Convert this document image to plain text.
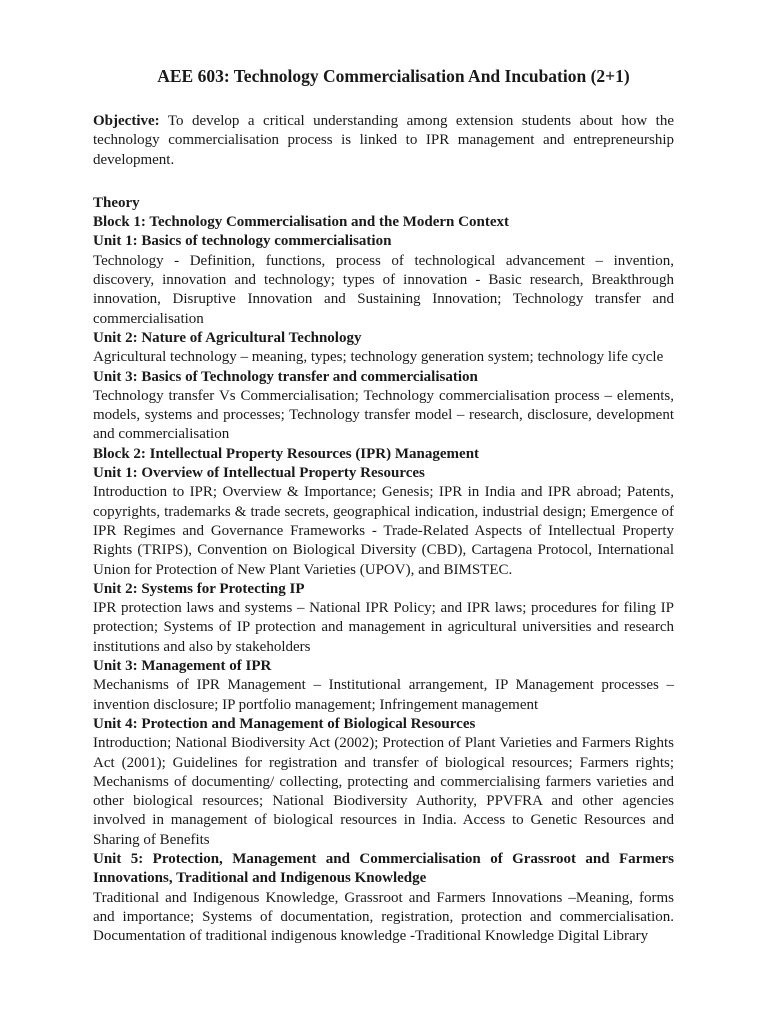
AEE 603: Technology Commercialisation And Incubation (2+1)
Objective: To develop a critical understanding among extension students about how the technology commercialisation process is linked to IPR management and entrepreneurship development.
Theory
Block 1: Technology Commercialisation and the Modern Context
Unit 1: Basics of technology commercialisation
Technology - Definition, functions, process of technological advancement – invention, discovery, innovation and technology; types of innovation - Basic research, Breakthrough innovation, Disruptive Innovation and Sustaining Innovation; Technology transfer and commercialisation
Unit 2: Nature of Agricultural Technology
Agricultural technology – meaning, types; technology generation system; technology life cycle
Unit 3: Basics of Technology transfer and commercialisation
Technology transfer Vs Commercialisation; Technology commercialisation process – elements, models, systems and processes; Technology transfer model – research, disclosure, development and commercialisation
Block 2: Intellectual Property Resources (IPR) Management
Unit 1: Overview of Intellectual Property Resources
Introduction to IPR; Overview & Importance; Genesis; IPR in India and IPR abroad; Patents, copyrights, trademarks & trade secrets, geographical indication, industrial design; Emergence of IPR Regimes and Governance Frameworks - Trade-Related Aspects of Intellectual Property Rights (TRIPS), Convention on Biological Diversity (CBD), Cartagena Protocol, International Union for Protection of New Plant Varieties (UPOV), and BIMSTEC.
Unit 2: Systems for Protecting IP
IPR protection laws and systems – National IPR Policy; and IPR laws; procedures for filing IP protection; Systems of IP protection and management in agricultural universities and research institutions and also by stakeholders
Unit 3: Management of IPR
Mechanisms of IPR Management – Institutional arrangement, IP Management processes – invention disclosure; IP portfolio management; Infringement management
Unit 4: Protection and Management of Biological Resources
Introduction; National Biodiversity Act (2002); Protection of Plant Varieties and Farmers Rights Act (2001); Guidelines for registration and transfer of biological resources; Farmers rights; Mechanisms of documenting/ collecting, protecting and commercialising farmers varieties and other biological resources; National Biodiversity Authority, PPVFRA and other agencies involved in management of biological resources in India. Access to Genetic Resources and Sharing of Benefits
Unit 5: Protection, Management and Commercialisation of Grassroot and Farmers Innovations, Traditional and Indigenous Knowledge
Traditional and Indigenous Knowledge, Grassroot and Farmers Innovations –Meaning, forms and importance; Systems of documentation, registration, protection and commercialisation. Documentation of traditional indigenous knowledge -Traditional Knowledge Digital Library
